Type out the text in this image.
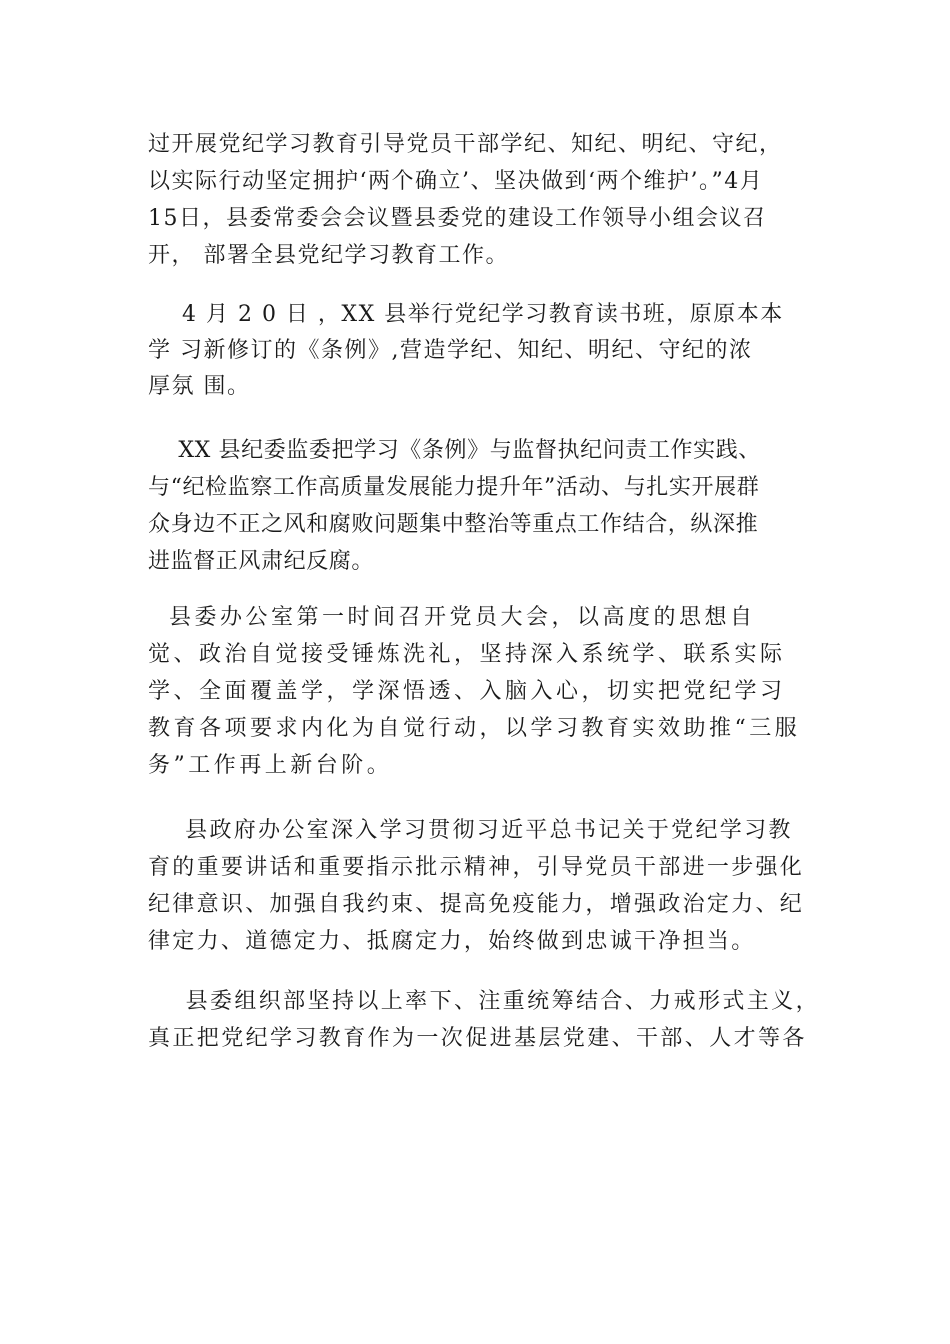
过开展党纪学习教育引导党员干部学纪、知纪、明纪、守纪，
以实际行动坚定拥护‘两个确立’、坚决做到‘两个维护’。”4月
15日，县委常委会会议暨县委党的建设工作领导小组会议召
开， 部署全县党纪学习教育工作。
4 月 2 0 日 ，XX 县举行党纪学习教育读书班，原原本本
学 习新修订的《条例》,营造学纪、知纪、明纪、守纪的浓
厚氛 围。
XX 县纪委监委把学习《条例》与监督执纪问责工作实践、
与“纪检监察工作高质量发展能力提升年”活动、与扎实开展群
众身边不正之风和腐败问题集中整治等重点工作结合，纵深推
进监督正风肃纪反腐。
县委办公室第一时间召开党员大会，以高度的思想自
觉、政治自觉接受锤炼洗礼，坚持深入系统学、联系实际
学、全面覆盖学，学深悟透、入脑入心，切实把党纪学习
教育各项要求内化为自觉行动，以学习教育实效助推“三服
务”工作再上新台阶。
县政府办公室深入学习贯彻习近平总书记关于党纪学习教
育的重要讲话和重要指示批示精神，引导党员干部进一步强化
纪律意识、加强自我约束、提高免疫能力，增强政治定力、纪
律定力、道德定力、抵腐定力，始终做到忠诚干净担当。
县委组织部坚持以上率下、注重统筹结合、力戒形式主义，
真正把党纪学习教育作为一次促进基层党建、干部、人才等各
